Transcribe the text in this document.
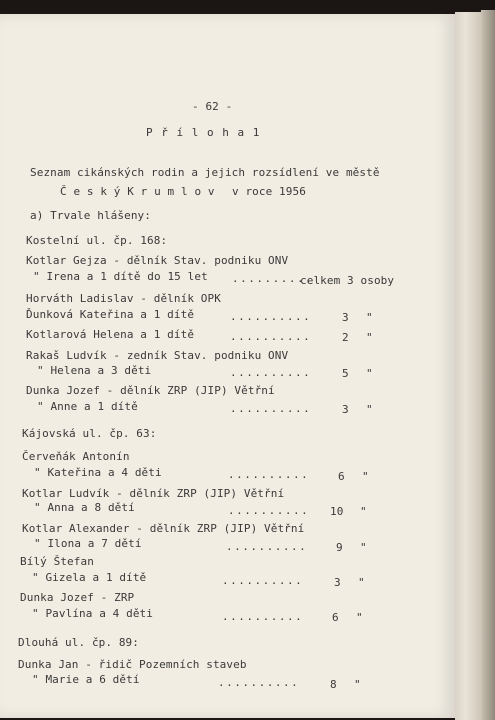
- 62 -
P ř í l o h a 1
Seznam cikánských rodin a jejich rozsídlení ve městě
Č e s k ý K r u m l o v v roce 1956
a) Trvale hlášeny:
Kostelní ul. čp. 168:
Kotlar Gejza - dělník Stav. podniku ONV
" Irena a 1 dítě do 15 let ..........
celkem 3 osoby
Horváth Ladislav - dělník OPK
Ďunková Kateřina a 1 dítě	..........	3 "
Kotlarová Helena a 1 dítě	..........	2 "
Rakaš Ludvík - zedník Stav. podniku ONV
" Helena a 3 děti	..........	5 "
Dunka Jozef - dělník ZRP (JIP) Větřní
" Anne a 1 dítě	..........	3 "
Kájovská ul. čp. 63:
Červeňák Antonín
" Kateřina a 4 děti	..........	6 "
Kotlar Ludvík - dělník ZRP (JIP) Větřní
" Anna a 8 dětí	.......... 10 "
Kotlar Alexander - dělník ZRP (JIP) Větřní
" Ilona a 7 dětí	..........	9 "
Bílý Štefan
" Gizela a 1 dítě	..........	3 "
Dunka Jozef - ZRP
" Pavlína a 4 děti	..........	6 "
Dlouhá ul. čp. 89:
Dunka Jan - řidič Pozemních staveb
" Marie a 6 dětí	..........	8 "
